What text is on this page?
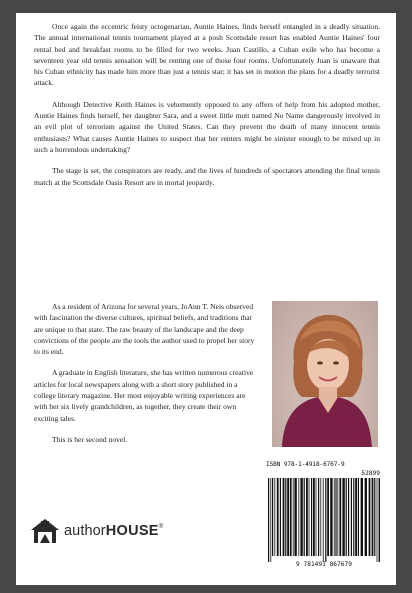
Once again the eccentric feisty octogenarian, Auntie Haines, finds herself entangled in a deadly situation. The annual international tennis tournament played at a posh Scottsdale resort has enabled Auntie Haines' four rental bed and breakfast rooms to be filled for two weeks. Juan Castillo, a Cuban exile who has become a seventeen year old tennis sensation will be renting one of those four rooms. Unfortunately Juan is unaware that his Cuban ethnicity has made him more than just a tennis star; it has set in motion the plans for a deadly terrorist attack.

Although Detective Keith Haines is vehemently opposed to any offers of help from his adopted mother, Auntie Haines finds herself, her daughter Sara, and a sweet little mutt named No Name dangerously involved in an evil plot of terrorism against the United States. Can they prevent the death of many innocent tennis enthusiasts? What causes Auntie Haines to suspect that her renters might be sinister enough to be mixed up in such a horrendous undertaking?

The stage is set, the conspirators are ready, and the lives of hundreds of spectators attending the final tennis match at the Scottsdale Oasis Resort are in mortal jeopardy.

As a resident of Arizona for several years, JoAnn T. Neis observed with fascination the diverse cultures, spiritual beliefs, and traditions that are unique to that state. The raw beauty of the landscape and the deep convictions of the people are the tools the author used to propel her story to its end.

A graduate in English literature, she has written numerous creative articles for local newspapers along with a short story published in a college literary magazine. Her most enjoyable writing experiences are with her six lively grandchildren, as together, they create their own exciting tales.

This is her second novel.

ISBN 978-1-4918-6767-9
52899
9 781491 867679
authorHOUSE®
